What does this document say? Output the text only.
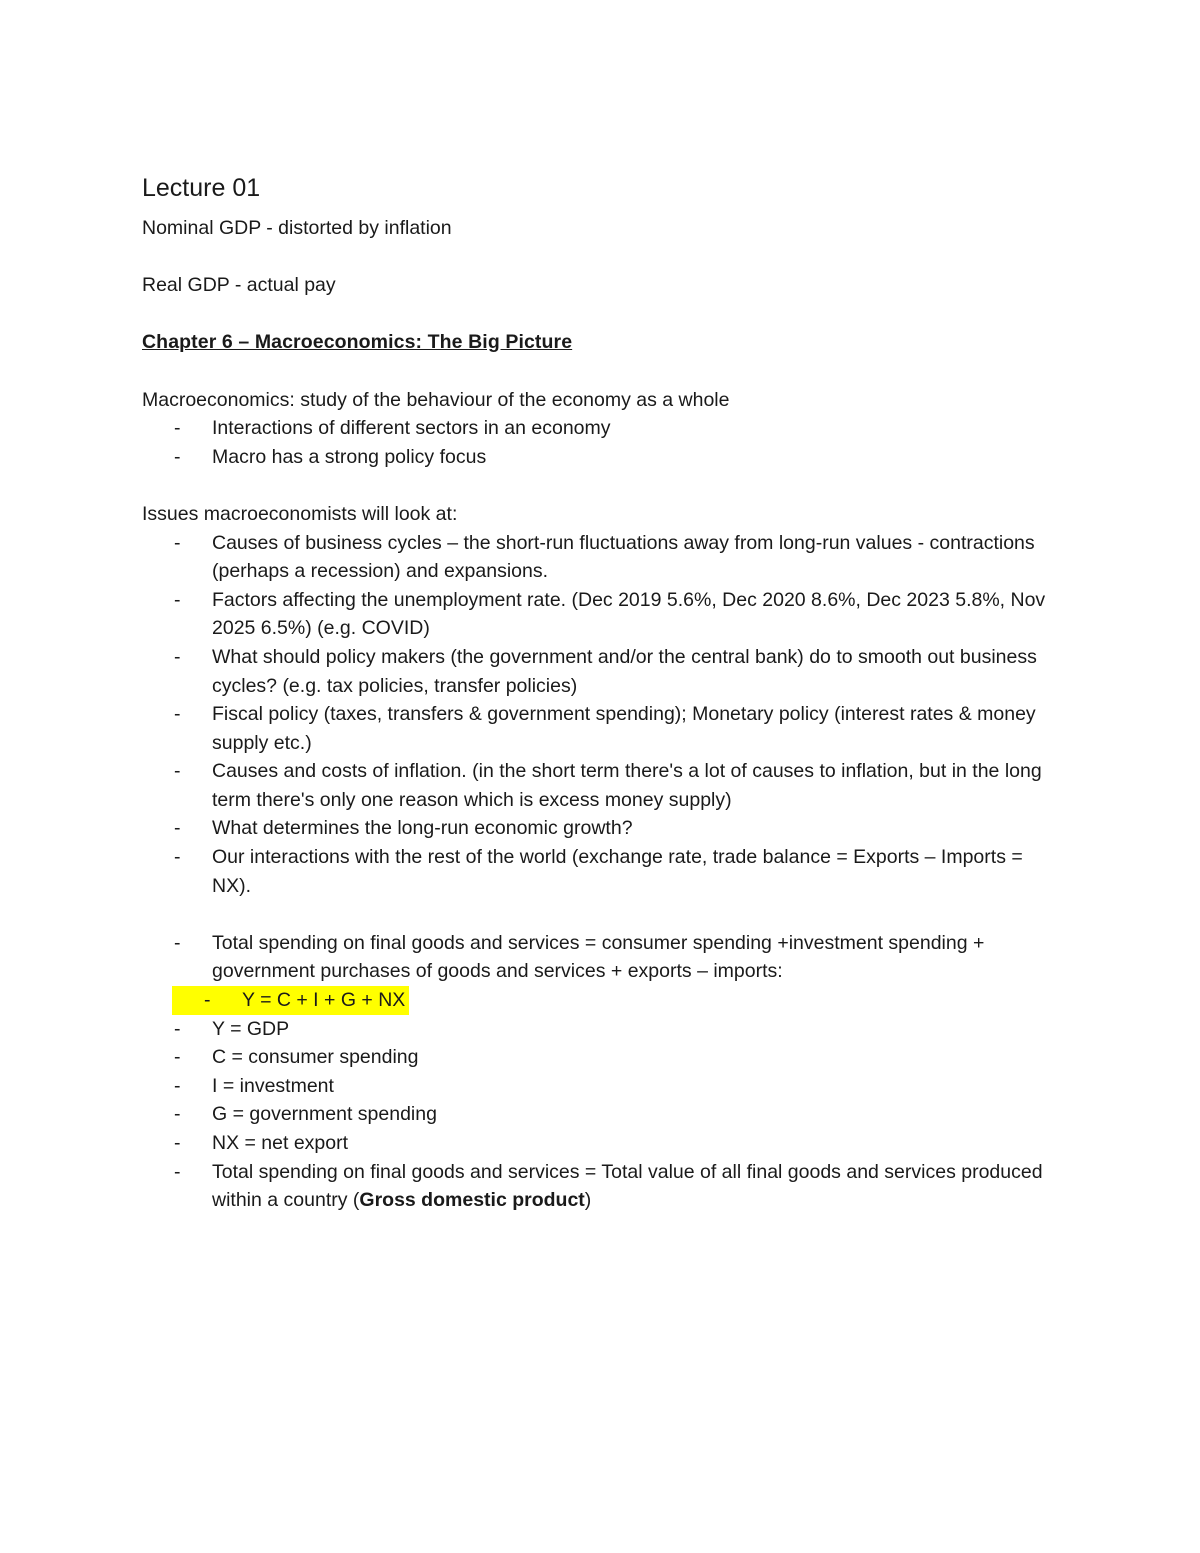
Lecture 01

Nominal GDP - distorted by inflation

Real GDP - actual pay

Chapter 6 – Macroeconomics: The Big Picture

Macroeconomics: study of the behaviour of the economy as a whole

- Interactions of different sectors in an economy
- Macro has a strong policy focus

Issues macroeconomists will look at:

- Causes of business cycles – the short-run fluctuations away from long-run values - contractions (perhaps a recession) and expansions.
- Factors affecting the unemployment rate. (Dec 2019 5.6%, Dec 2020 8.6%, Dec 2023 5.8%, Nov 2025 6.5%) (e.g. COVID)
- What should policy makers (the government and/or the central bank) do to smooth out business cycles? (e.g. tax policies, transfer policies)
- Fiscal policy (taxes, transfers & government spending); Monetary policy (interest rates & money supply etc.)
- Causes and costs of inflation. (in the short term there's a lot of causes to inflation, but in the long term there's only one reason which is excess money supply)
- What determines the long-run economic growth?
- Our interactions with the rest of the world (exchange rate, trade balance = Exports – Imports = NX).
- Total spending on final goods and services = consumer spending +investment spending + government purchases of goods and services + exports – imports:
- Y = C + I + G + NX
- Y = GDP
- C = consumer spending
- I = investment
- G = government spending
- NX = net export
- Total spending on final goods and services = Total value of all final goods and services produced within a country (Gross domestic product)
